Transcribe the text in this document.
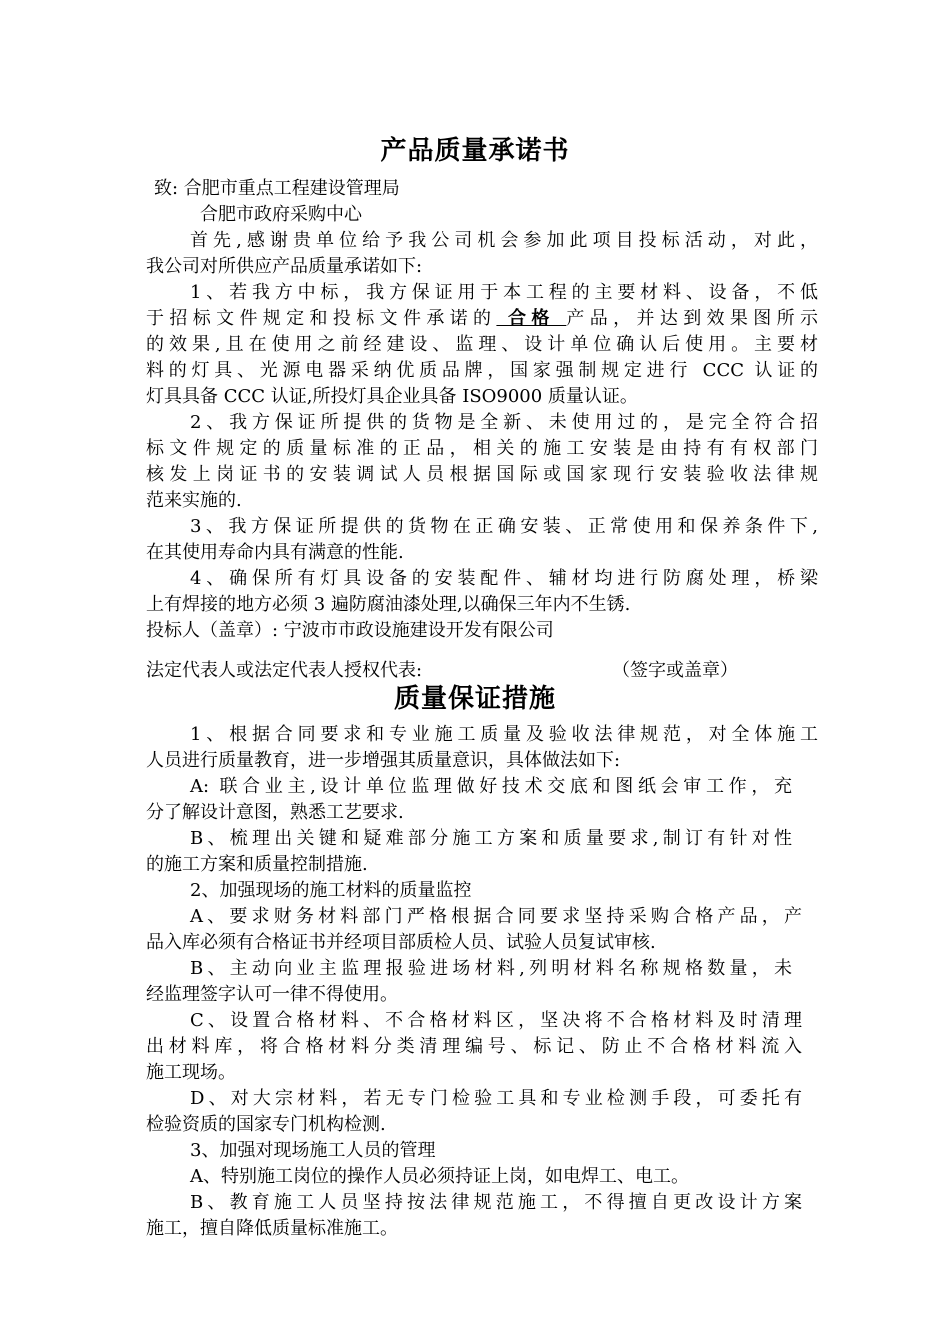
产品质量承诺书
致: 合肥市重点工程建设管理局
合肥市政府采购中心
首先,感谢贵单位给予我公司机会参加此项目投标活动，对此，
我公司对所供应产品质量承诺如下:
1、若我方中标，我方保证用于本工程的主要材料、设备，不低
于招标文件规定和投标文件承诺的 合格 产品，并达到效果图所示
的效果,且在使用之前经建设、监理、设计单位确认后使用。主要材
料的灯具、光源电器采纳优质品牌，国家强制规定进行 CCC 认证的
灯具具备 CCC 认证,所投灯具企业具备 ISO9000 质量认证。
2、我方保证所提供的货物是全新、未使用过的，是完全符合招
标文件规定的质量标准的正品，相关的施工安装是由持有有权部门
核发上岗证书的安装调试人员根据国际或国家现行安装验收法律规
范来实施的.
3、我方保证所提供的货物在正确安装、正常使用和保养条件下,
在其使用寿命内具有满意的性能.
4、确保所有灯具设备的安装配件、辅材均进行防腐处理，桥梁
上有焊接的地方必须 3 遍防腐油漆处理,以确保三年内不生锈.
投标人（盖章）: 宁波市市政设施建设开发有限公司
法定代表人或法定代表人授权代表:	（签字或盖章）
质量保证措施
1、根据合同要求和专业施工质量及验收法律规范，对全体施工
人员进行质量教育，进一步增强其质量意识，具体做法如下:
A: 联合业主,设计单位监理做好技术交底和图纸会审工作，充
分了解设计意图，熟悉工艺要求.
B、梳理出关键和疑难部分施工方案和质量要求,制订有针对性
的施工方案和质量控制措施.
2、加强现场的施工材料的质量监控
A、要求财务材料部门严格根据合同要求坚持采购合格产品，产
品入库必须有合格证书并经项目部质检人员、试验人员复试审核.
B、主动向业主监理报验进场材料,列明材料名称规格数量，未
经监理签字认可一律不得使用。
C、设置合格材料、不合格材料区，坚决将不合格材料及时清理
出材料库，将合格材料分类清理编号、标记、防止不合格材料流入
施工现场。
D、对大宗材料，若无专门检验工具和专业检测手段，可委托有
检验资质的国家专门机构检测.
3、加强对现场施工人员的管理
A、特别施工岗位的操作人员必须持证上岗，如电焊工、电工。
B、教育施工人员坚持按法律规范施工，不得擅自更改设计方案
施工，擅自降低质量标准施工。
